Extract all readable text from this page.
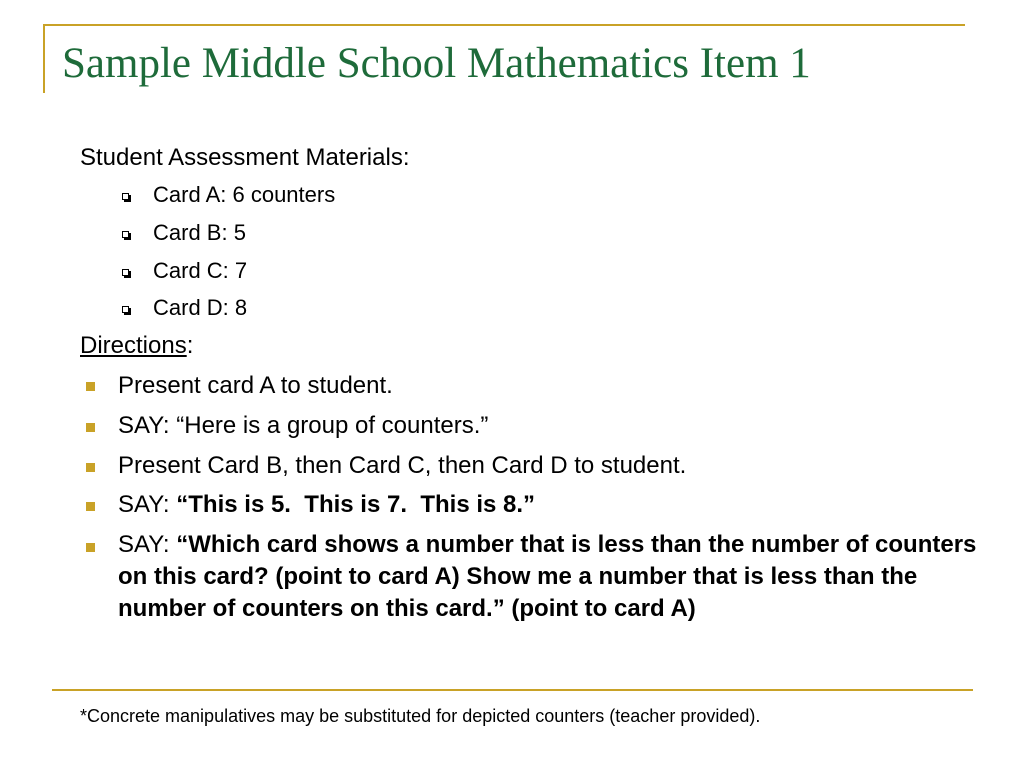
Sample Middle School Mathematics Item 1
Student Assessment Materials:
Card A: 6 counters
Card B: 5
Card C: 7
Card D: 8
Directions:
Present card A to student.
SAY: “Here is a group of counters.”
Present Card B, then Card C, then Card D to student.
SAY: “This is 5.  This is 7.  This is 8.”
SAY: “Which card shows a number that is less than the number of counters on this card? (point to card A) Show me a number that is less than the number of counters on this card.” (point to card A)
*Concrete manipulatives may be substituted for depicted counters (teacher provided).
